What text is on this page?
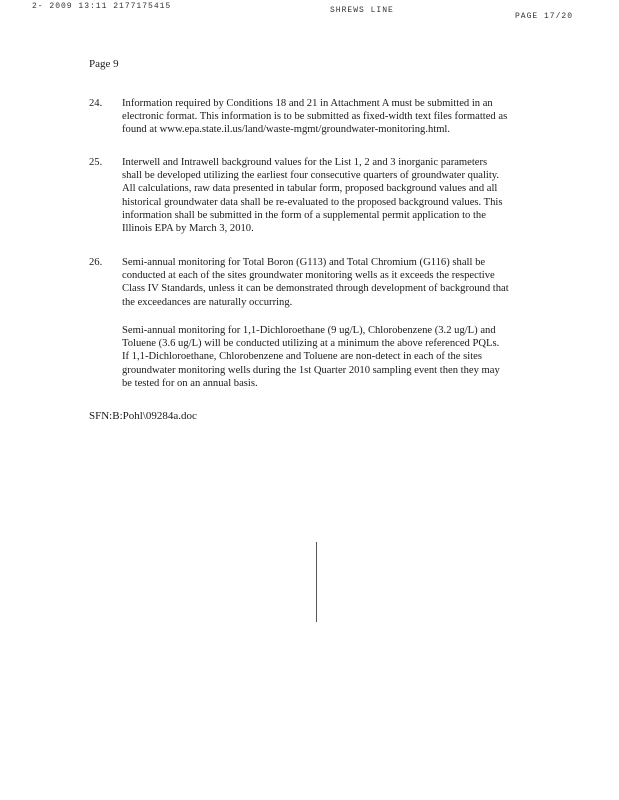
2- 2009 13:11 2177175415	SHREWS LINE
PAGE 17/20
Page 9
24.	Information required by Conditions 18 and 21 in Attachment A must be submitted in an
electronic format. This information is to be submitted as fixed-width text files formatted as
found at www.epa.state.il.us/land/waste-mgmt/groundwater-monitoring.html.
25.	Interwell and Intrawell background values for the List 1, 2 and 3 inorganic parameters
shall be developed utilizing the earliest four consecutive quarters of groundwater quality.
All calculations, raw data presented in tabular form, proposed background values and all
historical groundwater data shall be re-evaluated to the proposed background values. This
information shall be submitted in the form of a supplemental permit application to the
Illinois EPA by March 3, 2010.
26.	Semi-annual monitoring for Total Boron (G113) and Total Chromium (G116) shall be
conducted at each of the sites groundwater monitoring wells as it exceeds the respective
Class IV Standards, unless it can be demonstrated through development of background that
the exceedances are naturally occurring.
Semi-annual monitoring for 1,1-Dichloroethane (9 ug/L), Chlorobenzene (3.2 ug/L) and
Toluene (3.6 ug/L) will be conducted utilizing at a minimum the above referenced PQLs.
If 1,1-Dichloroethane, Chlorobenzene and Toluene are non-detect in each of the sites
groundwater monitoring wells during the 1st Quarter 2010 sampling event then they may
be tested for on an annual basis.
SFN:B:Pohl\09284a.doc
